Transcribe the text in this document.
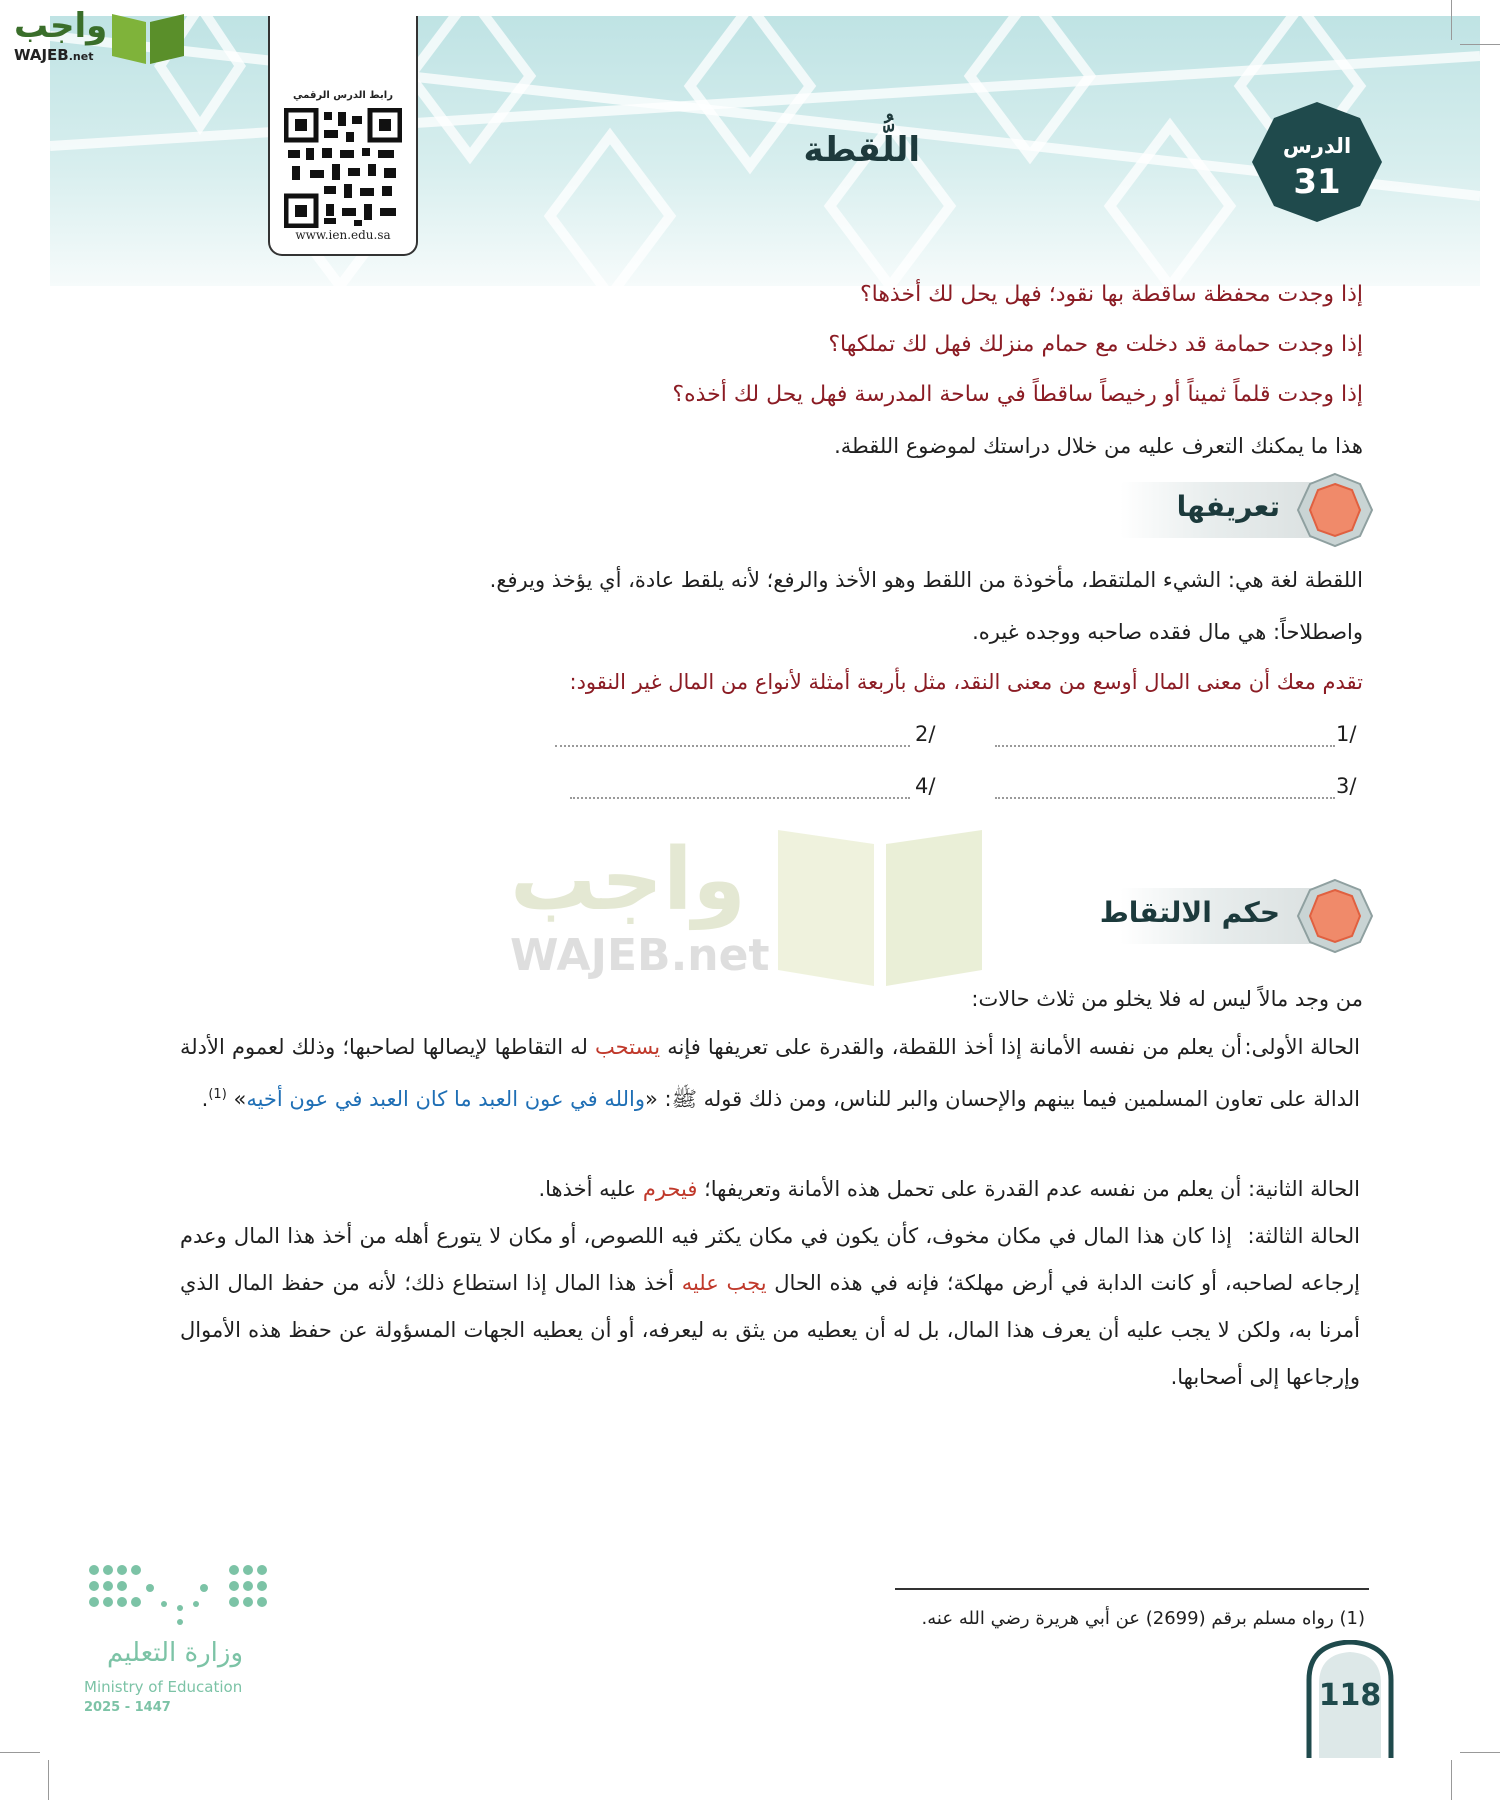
واجب
WAJEB.net
رابط الدرس الرقمي
www.ien.edu.sa
اللُّقطة	الدرس
31
إذا وجدت محفظة ساقطة بها نقود؛ فهل يحل لك أخذها؟
إذا وجدت حمامة قد دخلت مع حمام منزلك فهل لك تملكها؟
إذا وجدت قلماً ثميناً أو رخيصاً ساقطاً في ساحة المدرسة فهل يحل لك أخذه؟
هذا ما يمكنك التعرف عليه من خلال دراستك لموضوع اللقطة.
تعريفها
اللقطة لغة هي: الشيء الملتقط، مأخوذة من اللقط وهو الأخذ والرفع؛ لأنه يلقط عادة، أي يؤخذ ويرفع.
واصطلاحاً: هي مال فقده صاحبه ووجده غيره.
تقدم معك أن معنى المال أوسع من معنى النقد، مثل بأربعة أمثلة لأنواع من المال غير النقود:
1/
2/
3/
4/
واجب
WAJEB.net
حكم الالتقاط
من وجد مالاً ليس له فلا يخلو من ثلاث حالات:
الحالة الأولى:
أن يعلم من نفسه الأمانة إذا أخذ اللقطة، والقدرة على تعريفها فإنه يستحب له التقاطها لإيصالها لصاحبها؛ وذلك لعموم الأدلة الدالة على تعاون المسلمين فيما بينهم والإحسان والبر للناس، ومن ذلك قوله ﷺ: «والله في عون العبد ما كان العبد في عون أخيه» $^{(1)}$.
الحالة الثانية: أن يعلم من نفسه عدم القدرة على تحمل هذه الأمانة وتعريفها؛ فيحرم عليه أخذها.
الحالة الثالثة:
إذا كان هذا المال في مكان مخوف، كأن يكون في مكان يكثر فيه اللصوص، أو مكان لا يتورع أهله من أخذ هذا المال وعدم إرجاعه لصاحبه، أو كانت الدابة في أرض مهلكة؛ فإنه في هذه الحال يجب عليه أخذ هذا المال إذا استطاع ذلك؛ لأنه من حفظ المال الذي أمرنا به، ولكن لا يجب عليه أن يعرف هذا المال، بل له أن يعطيه من يثق به ليعرفه، أو أن يعطيه الجهات المسؤولة عن حفظ هذه الأموال وإرجاعها إلى أصحابها.
(1) رواه مسلم برقم (2699) عن أبي هريرة رضي الله عنه.
وزارة التعليم
Ministry of Education
2025 - 1447	118
